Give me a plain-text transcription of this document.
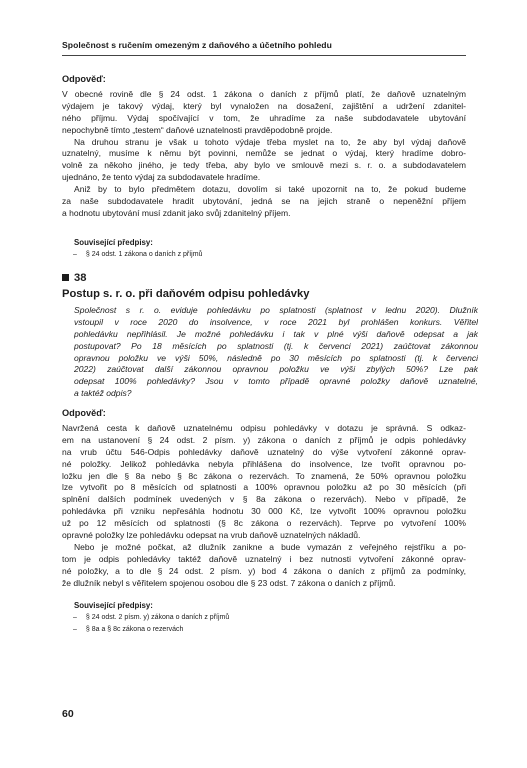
Společnost s ručením omezeným z daňového a účetního pohledu
Odpověď:
V obecné rovině dle § 24 odst. 1 zákona o daních z příjmů platí, že daňově uznatelným
výdajem je takový výdaj, který byl vynaložen na dosažení, zajištění a udržení zdanitel-
ného příjmu. Výdaj spočívající v tom, že uhradíme za naše subdodavatele ubytování
nepochybně tímto „testem“ daňové uznatelnosti pravděpodobně projde.
Na druhou stranu je však u tohoto výdaje třeba myslet na to, že aby byl výdaj daňově
uznatelný, musíme k němu být povinni, nemůže se jednat o výdaj, který hradíme dobro-
volně za někoho jiného, je tedy třeba, aby bylo ve smlouvě mezi s. r. o. a subdodavatelem
ujednáno, že tento výdaj za subdodavatele hradíme.
Aniž by to bylo předmětem dotazu, dovolím si také upozornit na to, že pokud budeme
za naše subdodavatele hradit ubytování, jedná se na jejich straně o nepeněžní příjem
a hodnotu ubytování musí zdanit jako svůj zdanitelný příjem.
Související předpisy:
– § 24 odst. 1 zákona o daních z příjmů
38
Postup s. r. o. při daňovém odpisu pohledávky
Společnost s r. o. eviduje pohledávku po splatnosti (splatnost v lednu 2020). Dlužník
vstoupil v roce 2020 do insolvence, v roce 2021 byl prohlášen konkurs. Věřitel
pohledávku nepřihlásil. Je možné pohledávku i tak v plné výši daňově odepsat a jak
postupovat? Po 18 měsících po splatnosti (tj. k červenci 2021) zaúčtovat zákonnou
opravnou položku ve výši 50%, následně po 30 měsících po splatnosti (tj. k červenci
2022) zaúčtovat další zákonnou opravnou položku ve výši zbylých 50%? Lze pak
odepsat 100% pohledávky? Jsou v tomto případě opravné položky daňově uznatelné,
a taktéž odpis?
Odpověď:
Navržená cesta k daňově uznatelnému odpisu pohledávky v dotazu je správná. S odkaz-
em na ustanovení § 24 odst. 2 písm. y) zákona o daních z příjmů je odpis pohledávky
na vrub účtu 546-Odpis pohledávky daňově uznatelný do výše vytvoření zákonné oprav-
né položky. Jelikož pohledávka nebyla přihlášena do insolvence, lze tvořit opravnou po-
ložku jen dle § 8a nebo § 8c zákona o rezervách. To znamená, že 50% opravnou položku
lze vytvořit po 8 měsících od splatnosti a 100% opravnou položku až po 30 měsících (při
splnění dalších podmínek uvedených v § 8a zákona o rezervách). Nebo v případě, že
pohledávka při vzniku nepřesáhla hodnotu 30 000 Kč, lze vytvořit 100% opravnou položku
už po 12 měsících od splatnosti (§ 8c zákona o rezervách). Teprve po vytvoření 100%
opravné položky lze pohledávku odepsat na vrub daňově uznatelných nákladů.
Nebo je možné počkat, až dlužník zanikne a bude vymazán z veřejného rejstříku a po-
tom je odpis pohledávky taktéž daňově uznatelný i bez nutnosti vytvoření zákonné oprav-
né položky, a to dle § 24 odst. 2 písm. y) bod 4 zákona o daních z příjmů za podmínky,
že dlužník nebyl s věřitelem spojenou osobou dle § 23 odst. 7 zákona o daních z příjmů.
Související předpisy:
– § 24 odst. 2 písm. y) zákona o daních z příjmů
– § 8a a § 8c zákona o rezervách
60
